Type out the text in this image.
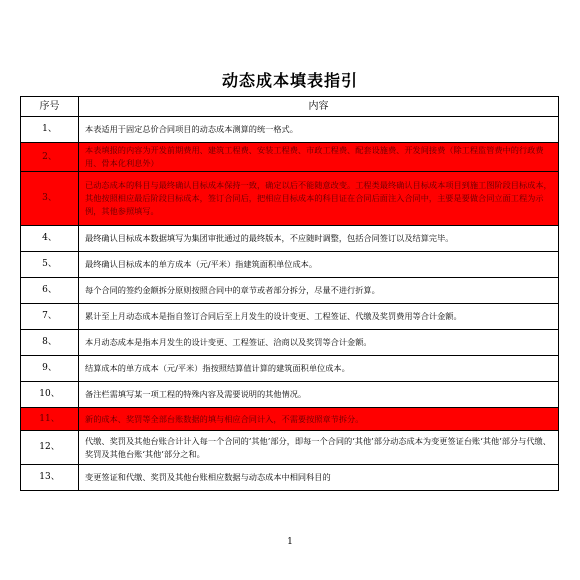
动态成本填表指引
序号	内容
1、	本表适用于固定总价合同项目的动态成本测算的统一格式。
2、	本表填报的内容为开发前期费用、建筑工程费、安装工程费、市政工程费、配套设施费、开发间接费（除工程监管费中的行政费用、骨本化利息外）
3、	已动态成本的科目与最终确认目标成本保持一致，确定以后不能随意改变。工程类最终确认目标成本项目到施工图阶段目标成本，其他按照相应最后阶段目标成本，签订合同后，把相应目标成本的科目证在合同后面注入合同中，主要是要做合同立面工程为示例，其他参照填写。
4、	最终确认目标成本数据填写为集团审批通过的最终版本，不应随时调整，包括合同签订以及结算完毕。
5、	最终确认目标成本的单方成本（元/平米）指建筑面积单位成本。
6、	每个合同的签约金额拆分原则按照合同中的章节或者部分拆分，尽量不进行折算。
7、	累计至上月动态成本是指自签订合同后至上月发生的设计变更、工程签证、代缴及奖罚费用等合计金额。
8、	本月动态成本是指本月发生的设计变更、工程签证、洽商以及奖罚等合计金额。
9、	结算成本的单方成本（元/平米）指按照结算值计算的建筑面积单位成本。
10、	备注栏需填写某一项工程的特殊内容及需要说明的其他情况。
11、	新的成本、奖罚等全部台账数据的填与相应合同计入，不需要按照章节拆分。
12、	代缴、奖罚及其他台账合计计入每一个合同的‘其他’部分，即每一个合同的‘其他’部分动态成本为变更签证台账‘其他’部分与代缴、奖罚及其他台账‘其他’部分之和。
13、	变更签证和代缴、奖罚及其他台账相应数据与动态成本中相同科目的
1
